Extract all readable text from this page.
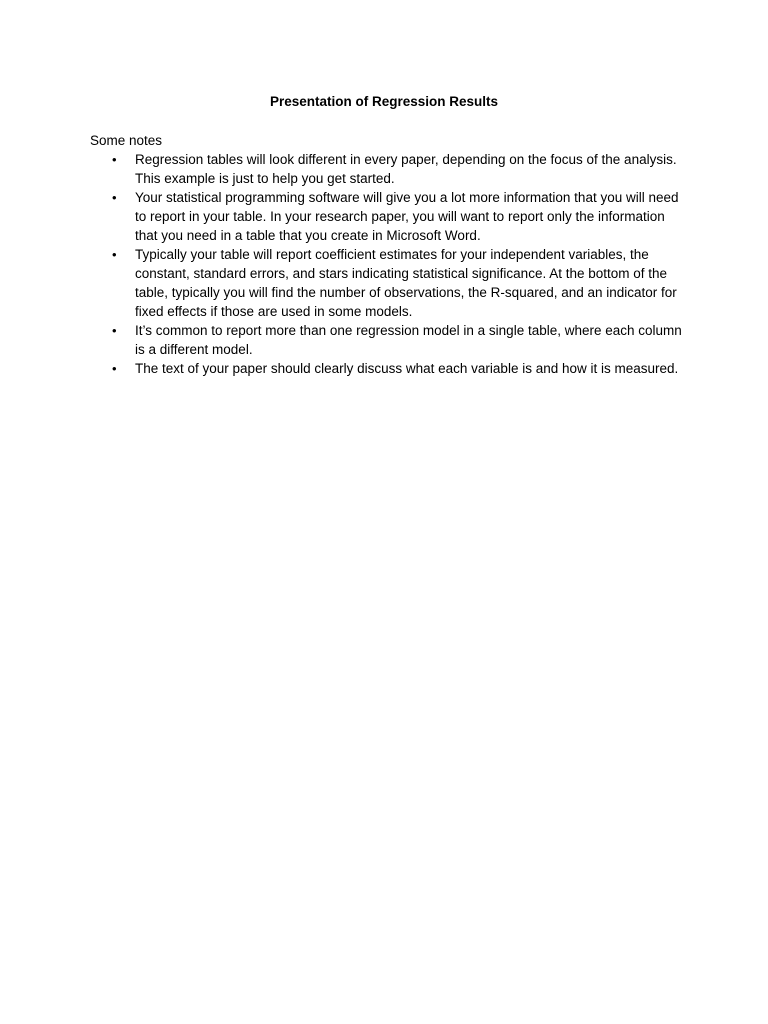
Presentation of Regression Results

Some notes

• Regression tables will look different in every paper, depending on the focus of the analysis. This example is just to help you get started.
• Your statistical programming software will give you a lot more information that you will need to report in your table. In your research paper, you will want to report only the information that you need in a table that you create in Microsoft Word.
• Typically your table will report coefficient estimates for your independent variables, the constant, standard errors, and stars indicating statistical significance. At the bottom of the table, typically you will find the number of observations, the R-squared, and an indicator for fixed effects if those are used in some models.
• It’s common to report more than one regression model in a single table, where each column is a different model.
• The text of your paper should clearly discuss what each variable is and how it is measured.
